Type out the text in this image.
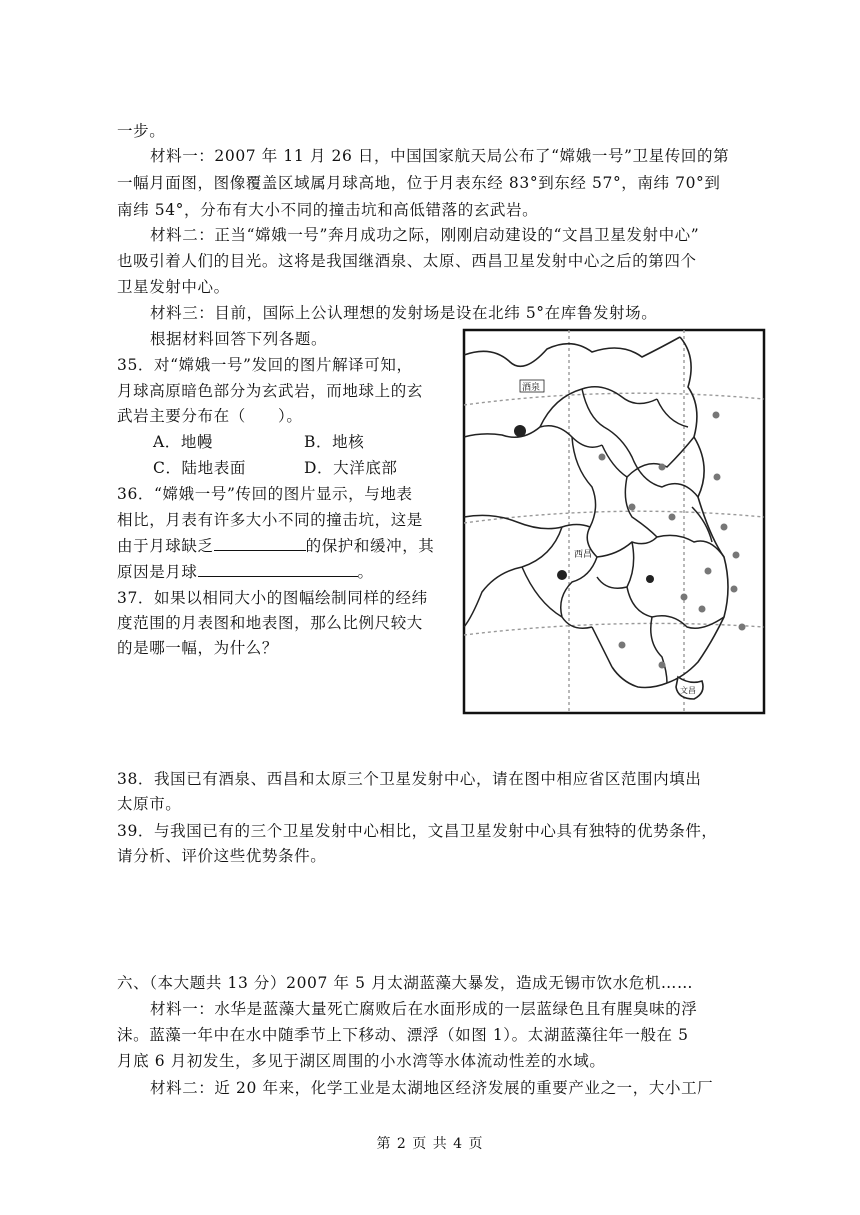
一步。
材料一：2007 年 11 月 26 日，中国国家航天局公布了“嫦娥一号”卫星传回的第
一幅月面图，图像覆盖区域属月球高地，位于月表东经 83°到东经 57°，南纬 70°到
南纬 54°，分布有大小不同的撞击坑和高低错落的玄武岩。
材料二：正当“嫦娥一号”奔月成功之际，刚刚启动建设的“文昌卫星发射中心”
也吸引着人们的目光。这将是我国继酒泉、太原、西昌卫星发射中心之后的第四个
卫星发射中心。
材料三：目前，国际上公认理想的发射场是设在北纬 5°在库鲁发射场。
根据材料回答下列各题。
35．对“嫦娥一号”发回的图片解译可知，
月球高原暗色部分为玄武岩，而地球上的玄
武岩主要分布在（　　）。
A．地幔	B．地核
C．陆地表面	D．大洋底部
36．“嫦娥一号”传回的图片显示，与地表
相比，月表有许多大小不同的撞击坑，这是
由于月球缺乏	的保护和缓冲，其
原因是月球	。
37．如果以相同大小的图幅绘制同样的经纬
度范围的月表图和地表图，那么比例尺较大
的是哪一幅，为什么？
酒泉
西昌
文昌
38．我国已有酒泉、西昌和太原三个卫星发射中心，请在图中相应省区范围内填出
太原市。
39．与我国已有的三个卫星发射中心相比，文昌卫星发射中心具有独特的优势条件，
请分析、评价这些优势条件。
六、（本大题共 13 分）2007 年 5 月太湖蓝藻大暴发，造成无锡市饮水危机……
材料一：水华是蓝藻大量死亡腐败后在水面形成的一层蓝绿色且有腥臭味的浮
沫。蓝藻一年中在水中随季节上下移动、漂浮（如图 1）。太湖蓝藻往年一般在 5
月底 6 月初发生，多见于湖区周围的小水湾等水体流动性差的水域。
材料二：近 20 年来，化学工业是太湖地区经济发展的重要产业之一，大小工厂
第 2 页 共 4 页
